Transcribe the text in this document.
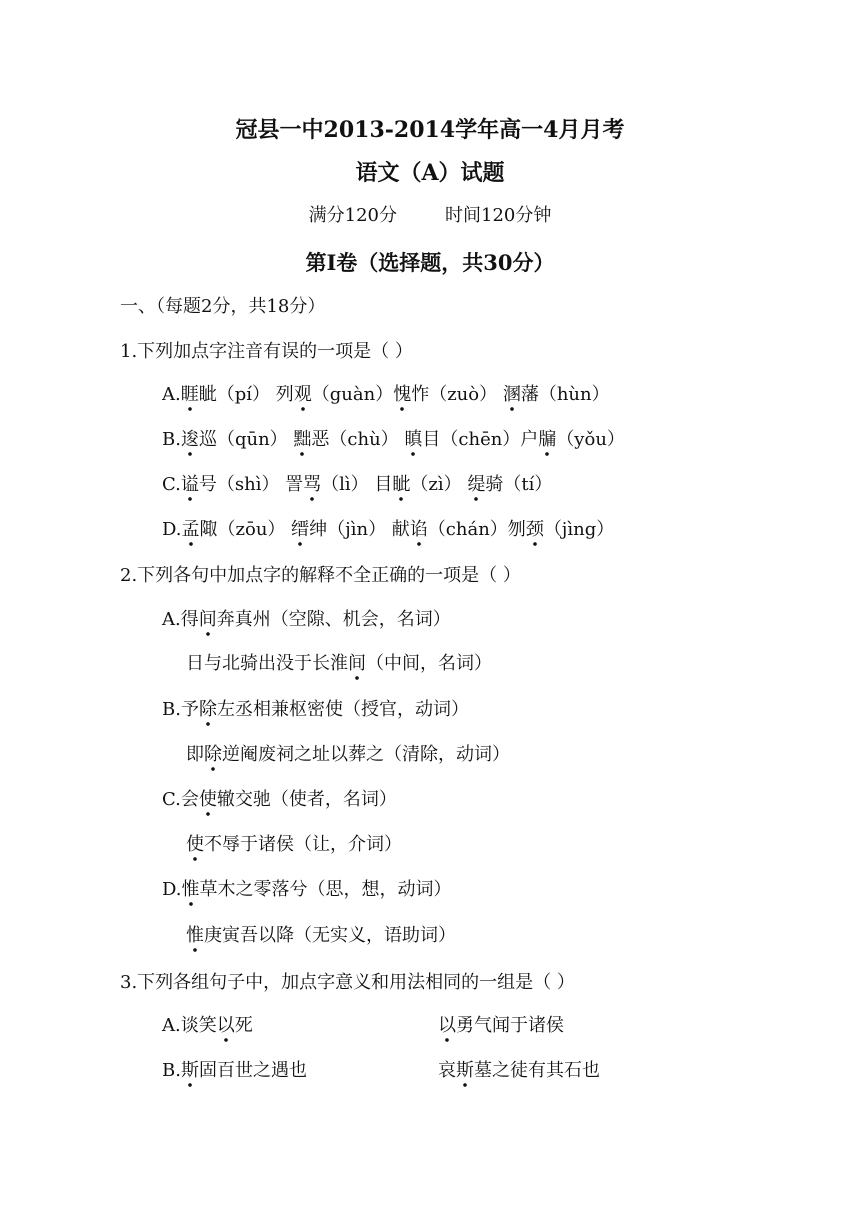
冠县一中2013-2014学年高一4月月考
语文（A）试题
满分120分	时间120分钟
第Ⅰ卷（选择题，共30分）
一、（每题2分，共18分）
1.下列加点字注音有误的一项是（ ）
A.睚眦（pí） 列观（guàn）愧怍（zuò） 溷藩（hùn）
B.逡巡（qūn） 黜恶（chù） 瞋目（chēn）户牖（yǒu）
C.谥号（shì） 詈骂（lì） 目眦（zì） 缇骑（tí）
D.孟陬（zōu） 缙绅（jìn） 献谄（chán）刎颈（jìng）
2.下列各句中加点字的解释不全正确的一项是（ ）
A.得间奔真州（空隙、机会，名词）
日与北骑出没于长淮间（中间，名词）
B.予除左丞相兼枢密使（授官，动词）
即除逆阉废祠之址以葬之（清除，动词）
C.会使辙交驰（使者，名词）
使不辱于诸侯（让，介词）
D.惟草木之零落兮（思，想，动词）
惟庚寅吾以降（无实义，语助词）
3.下列各组句子中，加点字意义和用法相同的一组是（ ）
A.谈笑以死	以勇气闻于诸侯
B.斯固百世之遇也	哀斯墓之徒有其石也
